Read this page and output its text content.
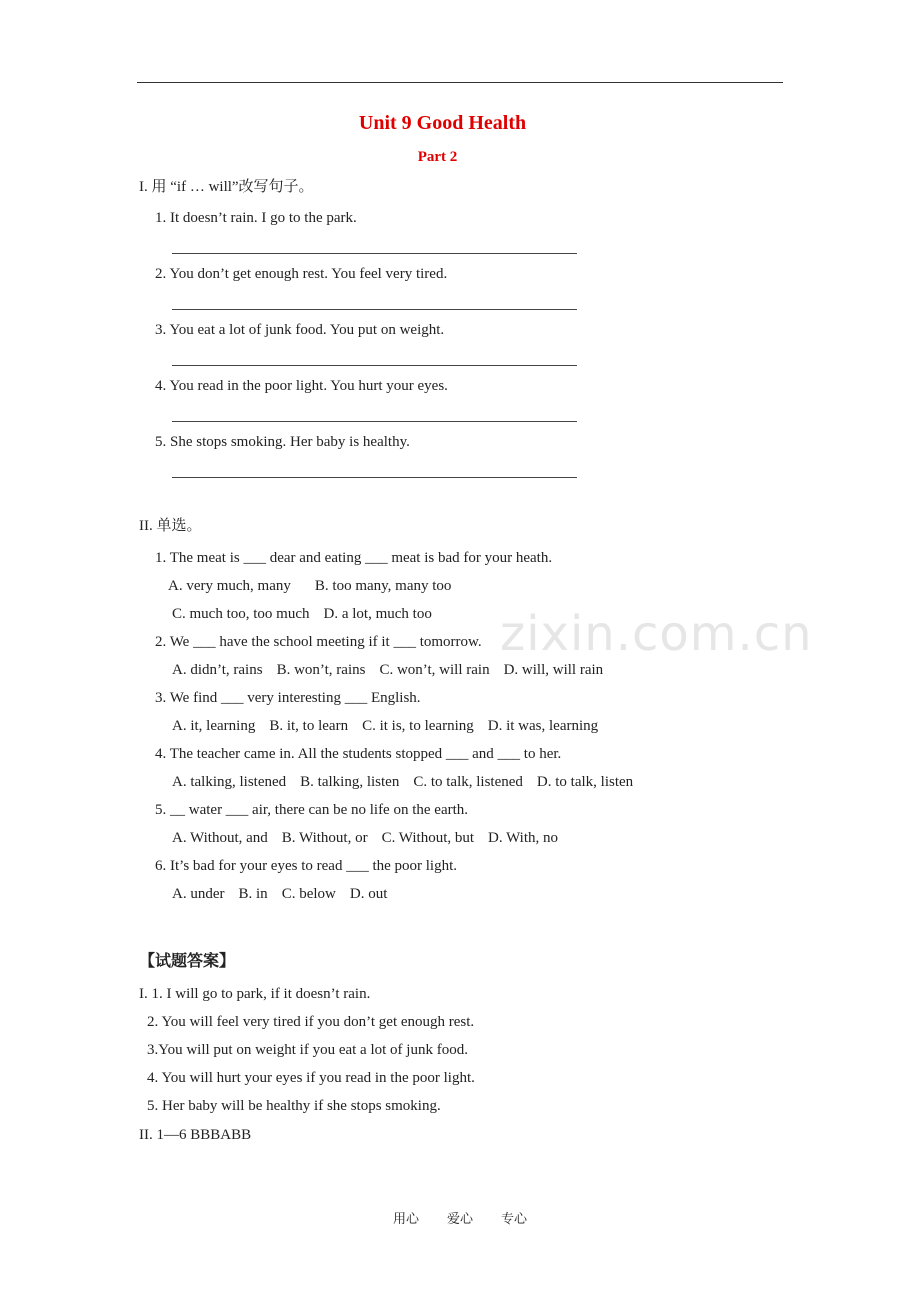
Unit 9 Good Health
Part 2
I. 用 “if … will”改写句子。
1. It doesn’t rain. I go to the park.
2. You don’t get enough rest. You feel very tired.
3. You eat a lot of junk food. You put on weight.
4. You read in the poor light. You hurt your eyes.
5. She stops smoking. Her baby is healthy.
zixin.com.cn
II. 单选。
1. The meat is ___ dear and eating ___ meat is bad for your heath.
A. very much, many B. too many, many too
C. much too, too much D. a lot, much too
2. We ___ have the school meeting if it ___ tomorrow.
A. didn’t, rains B. won’t, rains C. won’t, will rain D. will, will rain
3. We find ___ very interesting ___ English.
A. it, learning B. it, to learn C. it is, to learning D. it was, learning
4. The teacher came in. All the students stopped ___ and ___ to her.
A. talking, listened B. talking, listen C. to talk, listened D. to talk, listen
5. __ water ___ air, there can be no life on the earth.
A. Without, and B. Without, or C. Without, but D. With, no
6. It’s bad for your eyes to read ___ the poor light.
A. under B. in C. below D. out
【试题答案】
I. 1. I will go to park, if it doesn’t rain.
2. You will feel very tired if you don’t get enough rest.
3.You will put on weight if you eat a lot of junk food.
4. You will hurt your eyes if you read in the poor light.
5. Her baby will be healthy if she stops smoking.
II. 1—6 BBBABB
用心 爱心 专心
